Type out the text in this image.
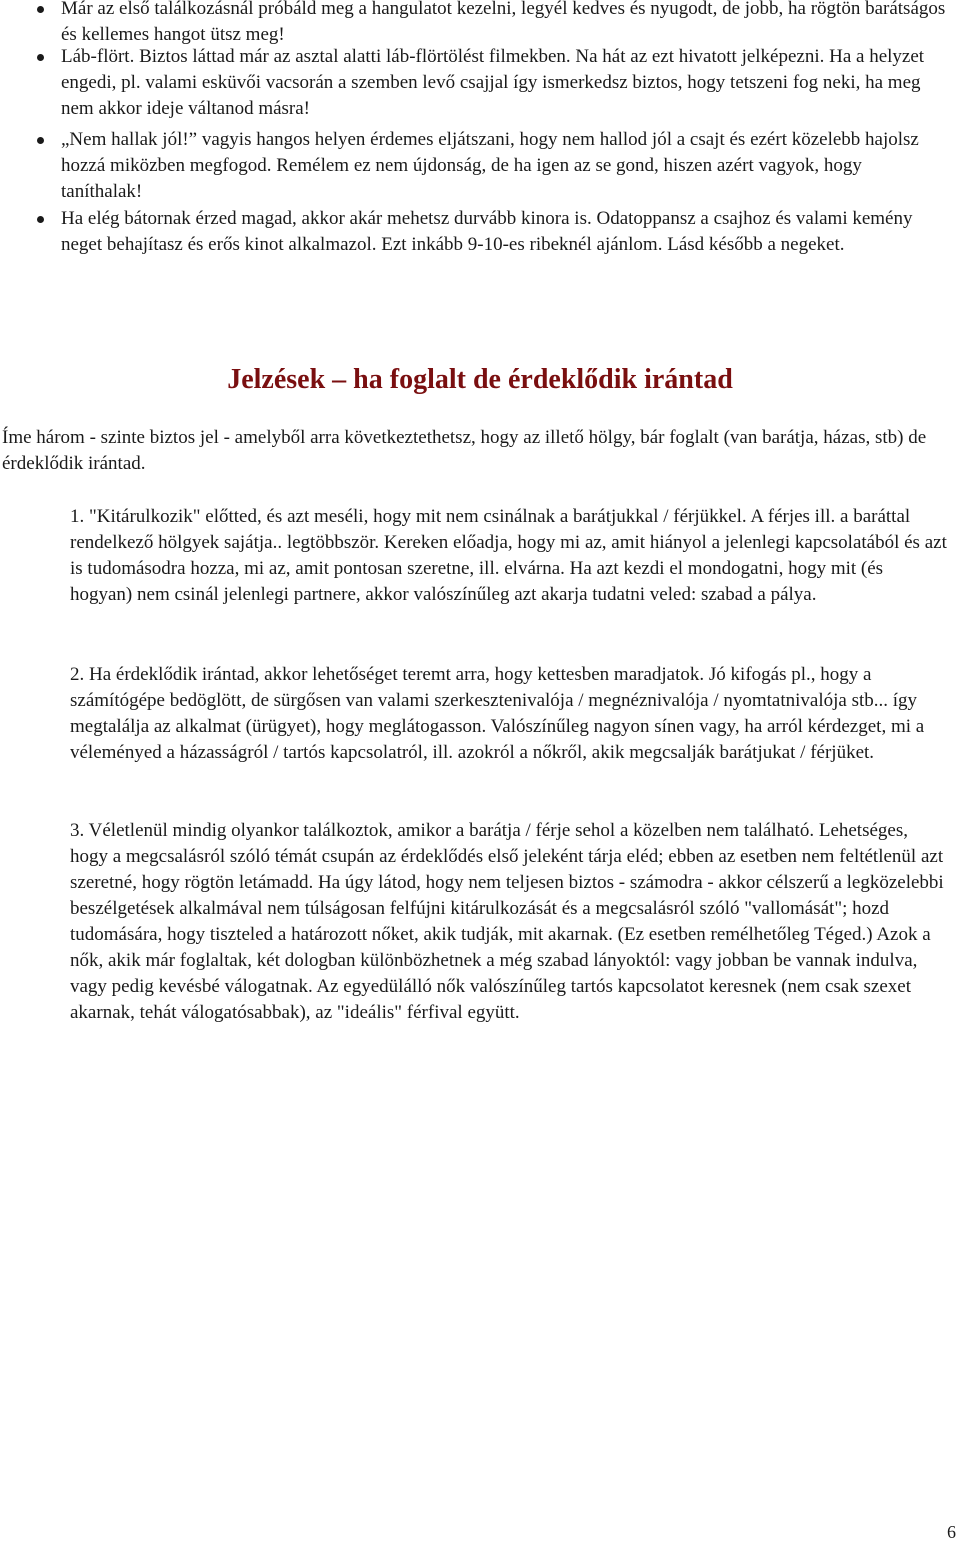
Már az első találkozásnál próbáld meg a hangulatot kezelni, legyél kedves és nyugodt, de jobb, ha rögtön barátságos és kellemes hangot ütsz meg!
Láb-flört. Biztos láttad már az asztal alatti láb-flörtölést filmekben. Na hát az ezt hivatott jelképezni. Ha a helyzet engedi, pl. valami esküvői vacsorán a szemben levő csajjal így ismerkedsz biztos, hogy tetszeni fog neki, ha meg nem akkor ideje váltanod másra!
„Nem hallak jól!” vagyis hangos helyen érdemes eljátszani, hogy nem hallod jól a csajt és ezért közelebb hajolsz hozzá miközben megfogod. Remélem ez nem újdonság, de ha igen az se gond, hiszen azért vagyok, hogy taníthalak!
Ha elég bátornak érzed magad, akkor akár mehetsz durvább kinora is. Odatoppansz a csajhoz és valami kemény neget behajítasz és erős kinot alkalmazol. Ezt inkább 9-10-es ribeknél ajánlom. Lásd később a negeket.
Jelzések – ha foglalt de érdeklődik irántad

Íme három - szinte biztos jel - amelyből arra következtethetsz, hogy az illető hölgy, bár foglalt (van barátja, házas, stb) de érdeklődik irántad.

1. "Kitárulkozik" előtted, és azt meséli, hogy mit nem csinálnak a barátjukkal / férjükkel. A férjes ill. a baráttal rendelkező hölgyek sajátja.. legtöbbször. Kereken előadja, hogy mi az, amit hiányol a jelenlegi kapcsolatából és azt is tudomásodra hozza, mi az, amit pontosan szeretne, ill. elvárna. Ha azt kezdi el mondogatni, hogy mit (és hogyan) nem csinál jelenlegi partnere, akkor valószínűleg azt akarja tudatni veled: szabad a pálya.

2. Ha érdeklődik irántad, akkor lehetőséget teremt arra, hogy kettesben maradjatok. Jó kifogás pl., hogy a számítógépe bedöglött, de sürgősen van valami szerkesztenivalója / megnéznivalója / nyomtatnivalója stb... így megtalálja az alkalmat (ürügyet), hogy meglátogasson. Valószínűleg nagyon sínen vagy, ha arról kérdezget, mi a véleményed a házasságról / tartós kapcsolatról, ill. azokról a nőkről, akik megcsalják barátjukat / férjüket.

3. Véletlenül mindig olyankor találkoztok, amikor a barátja / férje sehol a közelben nem található. Lehetséges, hogy a megcsalásról szóló témát csupán az érdeklődés első jeleként tárja eléd; ebben az esetben nem feltétlenül azt szeretné, hogy rögtön letámadd. Ha úgy látod, hogy nem teljesen biztos - számodra - akkor célszerű a legközelebbi beszélgetések alkalmával nem túlságosan felfújni kitárulkozását és a megcsalásról szóló "vallomását"; hozd tudomására, hogy tiszteled a határozott nőket, akik tudják, mit akarnak. (Ez esetben remélhetőleg Téged.) Azok a nők, akik már foglaltak, két dologban különbözhetnek a még szabad lányoktól: vagy jobban be vannak indulva, vagy pedig kevésbé válogatnak. Az egyedülálló nők valószínűleg tartós kapcsolatot keresnek (nem csak szexet akarnak, tehát válogatósabbak), az "ideális" férfival együtt.

6
